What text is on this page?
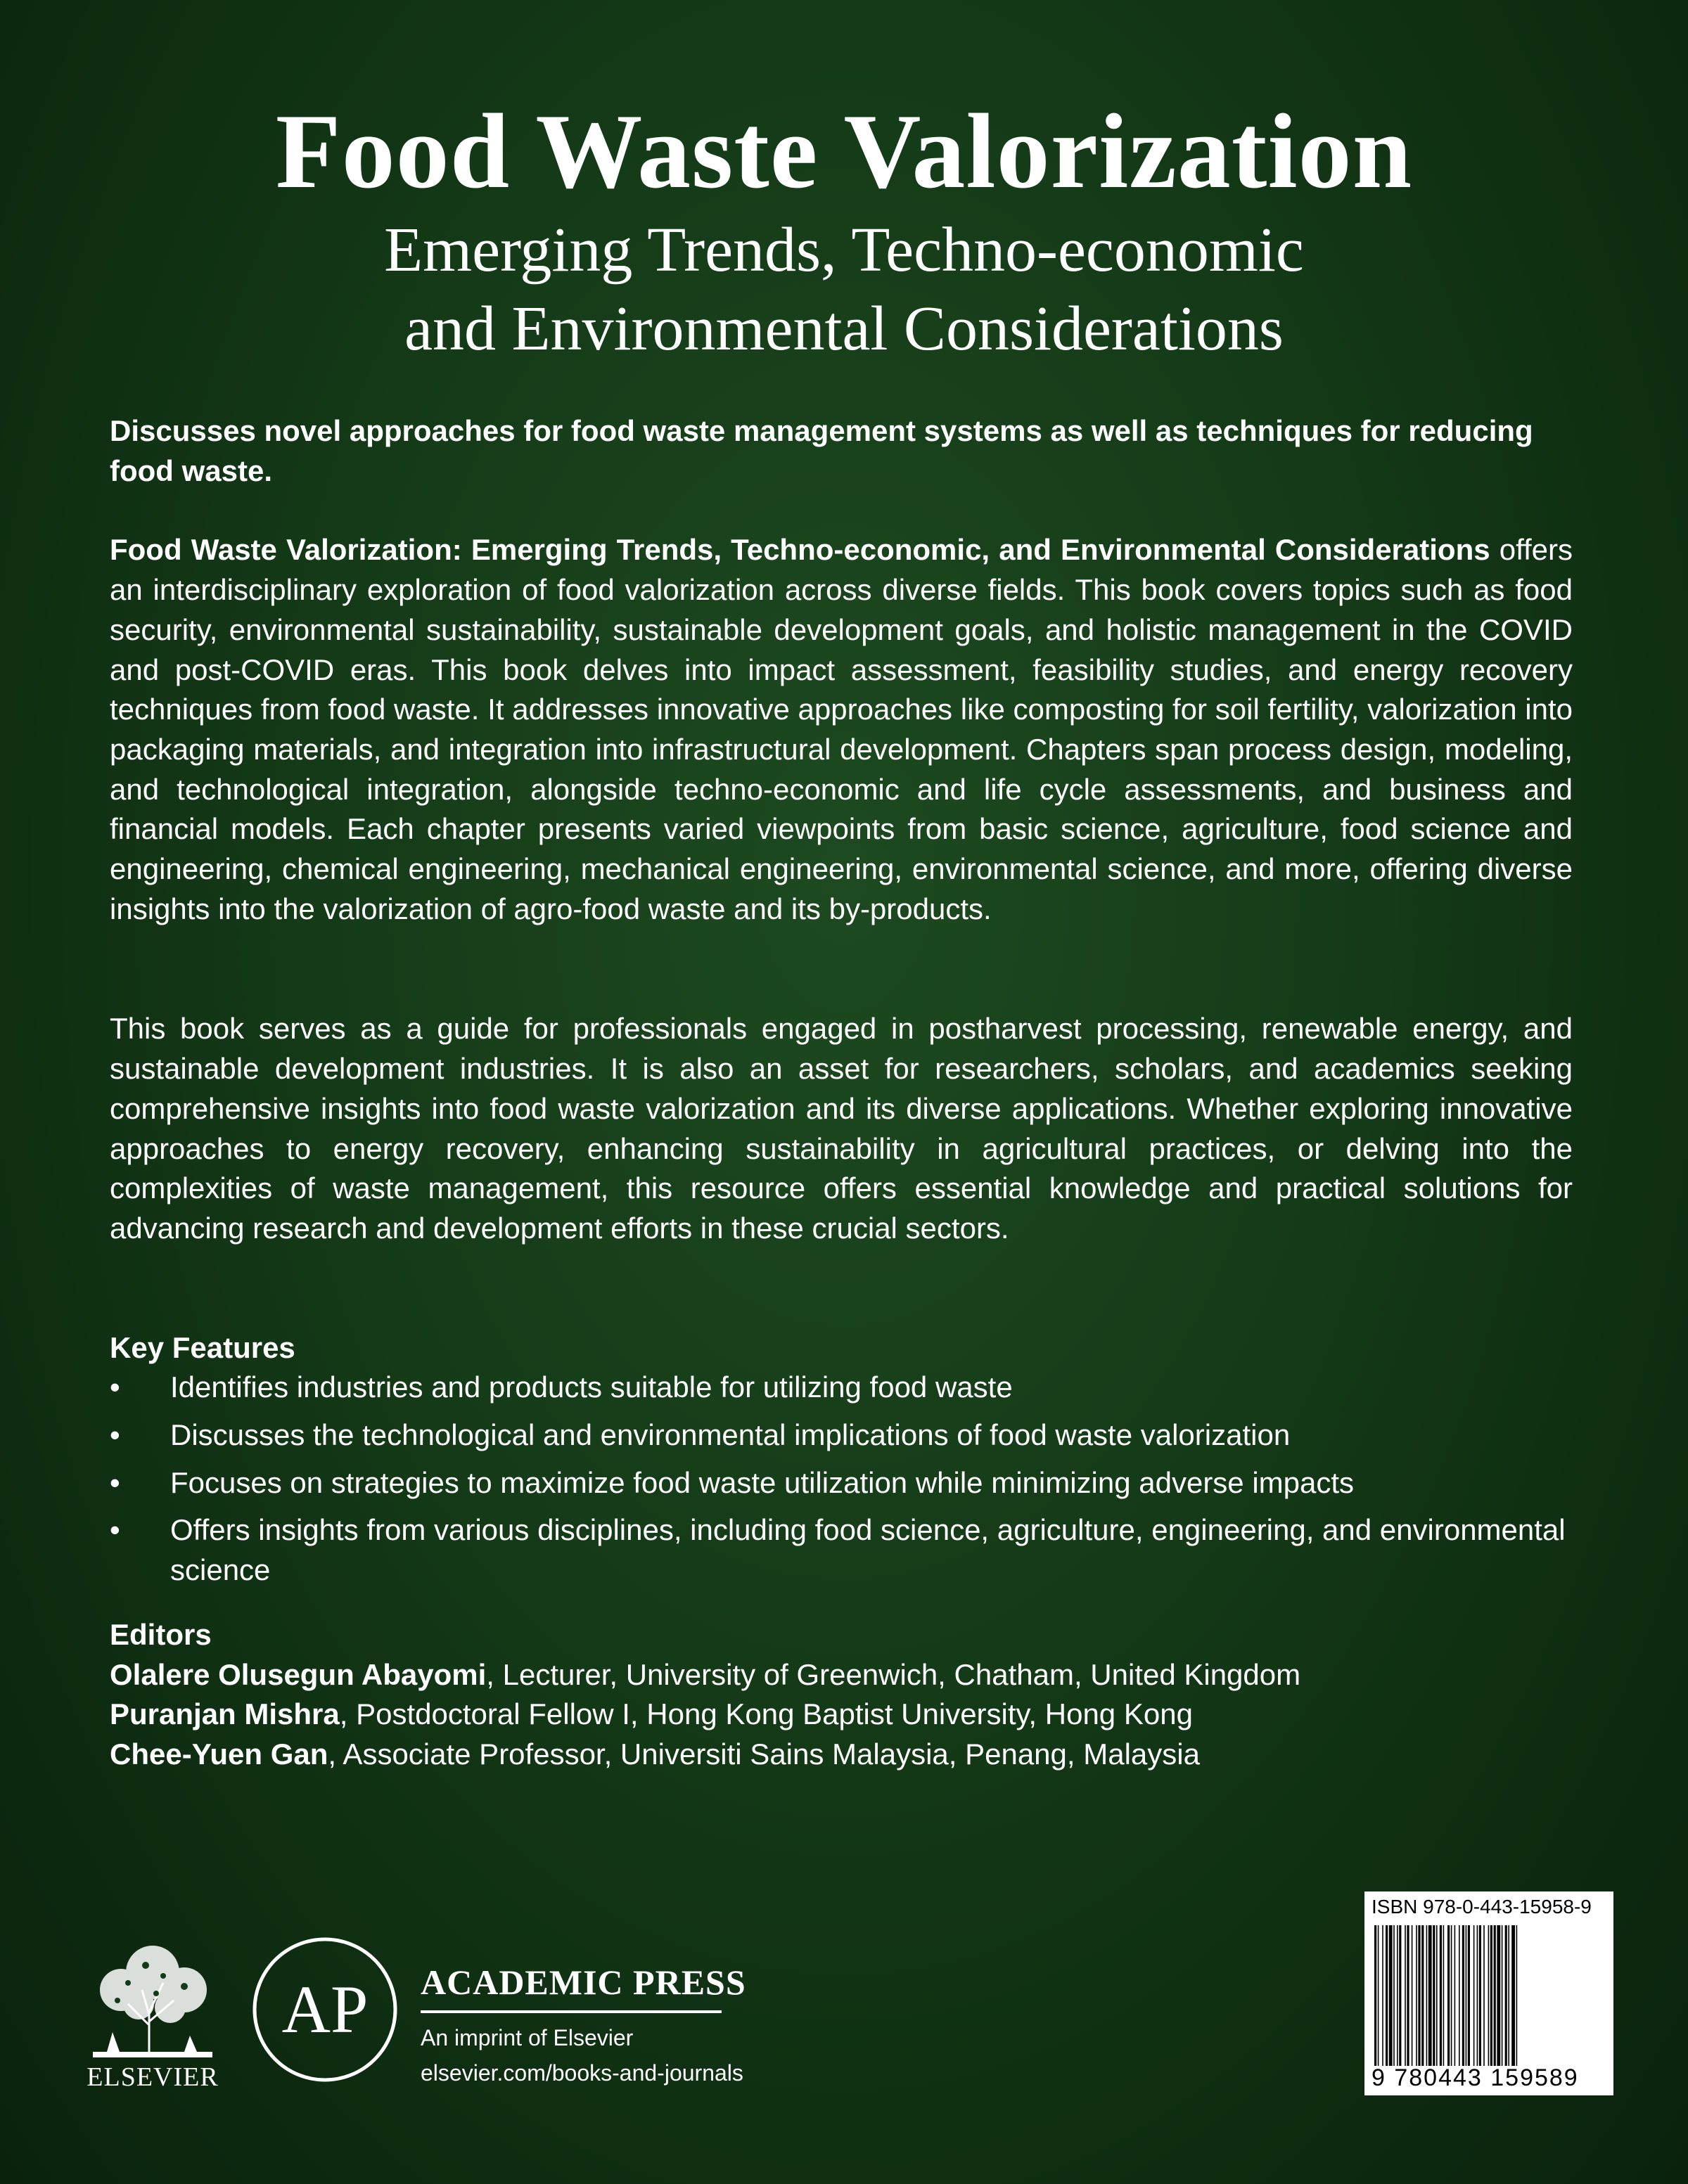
Food Waste Valorization

Emerging Trends, Techno-economic

and Environmental Considerations

Discusses novel approaches for food waste management systems as well as techniques for reducing food waste.

Food Waste Valorization: Emerging Trends, Techno-economic, and Environmental Considerations offers an interdisciplinary exploration of food valorization across diverse fields. This book covers topics such as food security, environmental sustainability, sustainable development goals, and holistic management in the COVID and post-COVID eras. This book delves into impact assessment, feasibility studies, and energy recovery techniques from food waste. It addresses innovative approaches like composting for soil fertility, valorization into packaging materials, and integration into infrastructural development. Chapters span process design, modeling, and technological integration, alongside techno-economic and life cycle assessments, and business and financial models. Each chapter presents varied viewpoints from basic science, agriculture, food science and engineering, chemical engineering, mechanical engineering, environmental science, and more, offering diverse insights into the valorization of agro-food waste and its by-products.

This book serves as a guide for professionals engaged in postharvest processing, renewable energy, and sustainable development industries. It is also an asset for researchers, scholars, and academics seeking comprehensive insights into food waste valorization and its diverse applications. Whether exploring innovative approaches to energy recovery, enhancing sustainability in agricultural practices, or delving into the complexities of waste management, this resource offers essential knowledge and practical solutions for advancing research and development efforts in these crucial sectors.

Key Features

• Identifies industries and products suitable for utilizing food waste
• Discusses the technological and environmental implications of food waste valorization
• Focuses on strategies to maximize food waste utilization while minimizing adverse impacts
• Offers insights from various disciplines, including food science, agriculture, engineering, and environmental science

Editors

Olalere Olusegun Abayomi, Lecturer, University of Greenwich, Chatham, United Kingdom

Puranjan Mishra, Postdoctoral Fellow I, Hong Kong Baptist University, Hong Kong

Chee-Yuen Gan, Associate Professor, Universiti Sains Malaysia, Penang, Malaysia

ELSEVIER
AP ACADEMIC PRESS
An imprint of Elsevier
elsevier.com/books-and-journals
ISBN 978-0-443-15958-9
9 780443 159589
